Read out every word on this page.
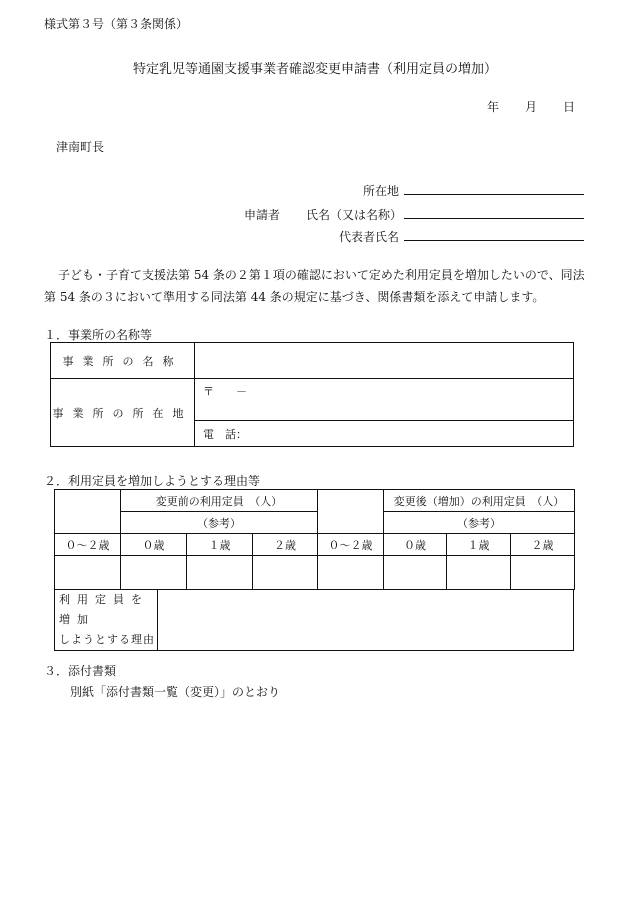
様式第３号（第３条関係）
特定乳児等通園支援事業者確認変更申請書（利用定員の増加）
年 月 日
津南町長
所在地
申請者 氏名（又は名称）
代表者氏名
子ども・子育て支援法第 54 条の２第１項の確認において定めた利用定員を増加したいので、同法
第 54 条の３において準用する同法第 44 条の規定に基づき、関係書類を添えて申請します。
１．事業所の名称等
事業所の名称	
事業所の所在地	〒 －
	電　話：
２．利用定員を増加しようとする理由等
	変更前の利用定員　（人）				変更後（増加）の利用定員　（人）		
	（参考）				（参考）		
０～２歳	０歳	１歳	２歳	０～２歳	０歳	１歳	２歳

利用定員を増加
しようとする理由	
３．添付書類
別紙「添付書類一覧（変更）」のとおり
